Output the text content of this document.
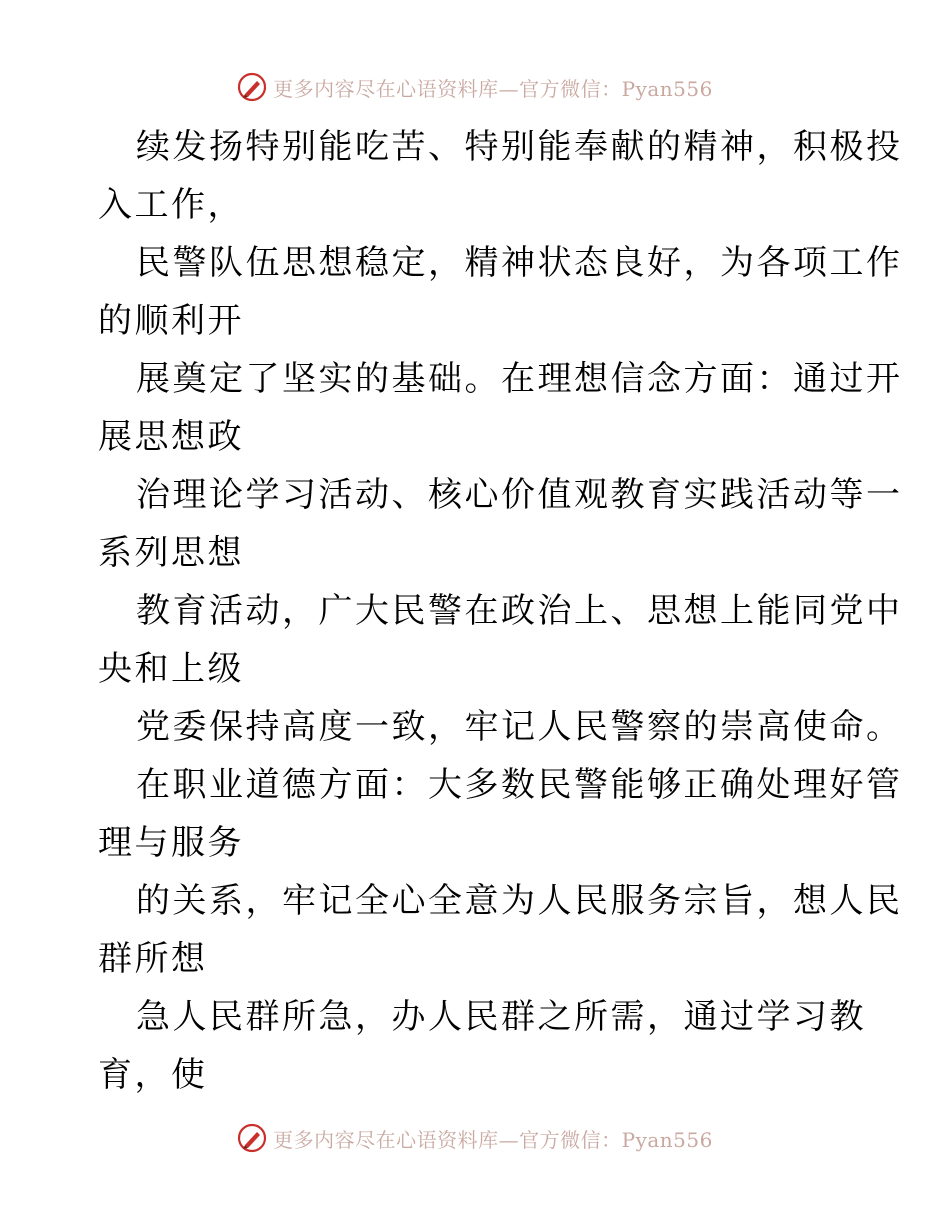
更多内容尽在心语资料库—官方微信：Pyan556
续发扬特别能吃苦、特别能奉献的精神，积极投
入工作，
民警队伍思想稳定，精神状态良好，为各项工作
的顺利开
展奠定了坚实的基础。在理想信念方面：通过开
展思想政
治理论学习活动、核心价值观教育实践活动等一
系列思想
教育活动，广大民警在政治上、思想上能同党中
央和上级
党委保持高度一致，牢记人民警察的崇高使命。
在职业道德方面：大多数民警能够正确处理好管
理与服务
的关系，牢记全心全意为人民服务宗旨，想人民
群所想
急人民群所急，办人民群之所需，通过学习教
育，使
更多内容尽在心语资料库—官方微信：Pyan556
